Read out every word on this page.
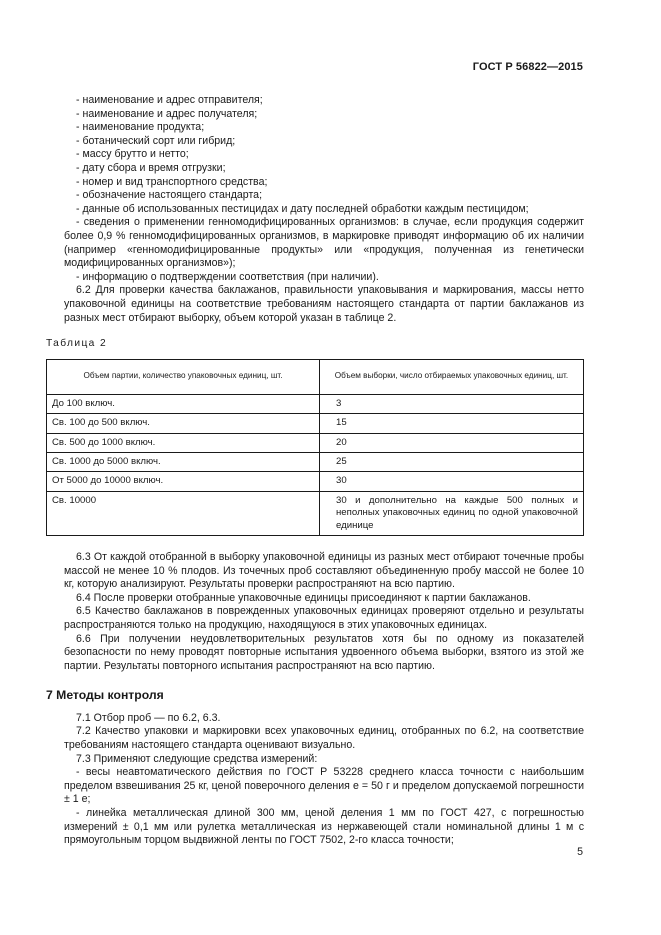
ГОСТ Р 56822—2015

- наименование и адрес отправителя;

- наименование и адрес получателя;

- наименование продукта;

- ботанический сорт или гибрид;

- массу брутто и нетто;

- дату сбора и время отгрузки;

- номер и вид транспортного средства;

- обозначение настоящего стандарта;

- данные об использованных пестицидах и дату последней обработки каждым пестицидом;

- сведения о применении генномодифицированных организмов: в случае, если продукция содержит более 0,9 % генномодифицированных организмов, в маркировке приводят информацию об их наличии (например «генномодифицированные продукты» или «продукция, полученная из генетически модифицированных организмов»);

- информацию о подтверждении соответствия (при наличии).

6.2 Для проверки качества баклажанов, правильности упаковывания и маркирования, массы нетто упаковочной единицы на соответствие требованиям настоящего стандарта от партии баклажанов из разных мест отбирают выборку, объем которой указан в таблице 2.

Таблица 2
Объем партии, количество упаковочных единиц, шт.	Объем выборки, число отбираемых упаковочных единиц, шт.
До 100 включ.	3
Св. 100 до 500 включ.	15
Св. 500 до 1000 включ.	20
Св. 1000 до 5000 включ.	25
От 5000 до 10000 включ.	30
Св. 10000	30 и дополнительно на каждые 500 полных и неполных упаковочных единиц по одной упаковочной единице

6.3 От каждой отобранной в выборку упаковочной единицы из разных мест отбирают точечные пробы массой не менее 10 % плодов. Из точечных проб составляют объединенную пробу массой не более 10 кг, которую анализируют. Результаты проверки распространяют на всю партию.

6.4 После проверки отобранные упаковочные единицы присоединяют к партии баклажанов.

6.5 Качество баклажанов в поврежденных упаковочных единицах проверяют отдельно и результаты распространяются только на продукцию, находящуюся в этих упаковочных единицах.

6.6 При получении неудовлетворительных результатов хотя бы по одному из показателей безопасности по нему проводят повторные испытания удвоенного объема выборки, взятого из этой же партии. Результаты повторного испытания распространяют на всю партию.

7 Методы контроля

7.1 Отбор проб — по 6.2, 6.3.

7.2 Качество упаковки и маркировки всех упаковочных единиц, отобранных по 6.2, на соответствие требованиям настоящего стандарта оценивают визуально.

7.3 Применяют следующие средства измерений:

- весы неавтоматического действия по ГОСТ Р 53228 среднего класса точности с наибольшим пределом взвешивания 25 кг, ценой поверочного деления е = 50 г и пределом допускаемой погрешности ± 1 е;

- линейка металлическая длиной 300 мм, ценой деления 1 мм по ГОСТ 427, с погрешностью измерений ± 0,1 мм или рулетка металлическая из нержавеющей стали номинальной длины 1 м с прямоугольным торцом выдвижной ленты по ГОСТ 7502, 2-го класса точности;

5
